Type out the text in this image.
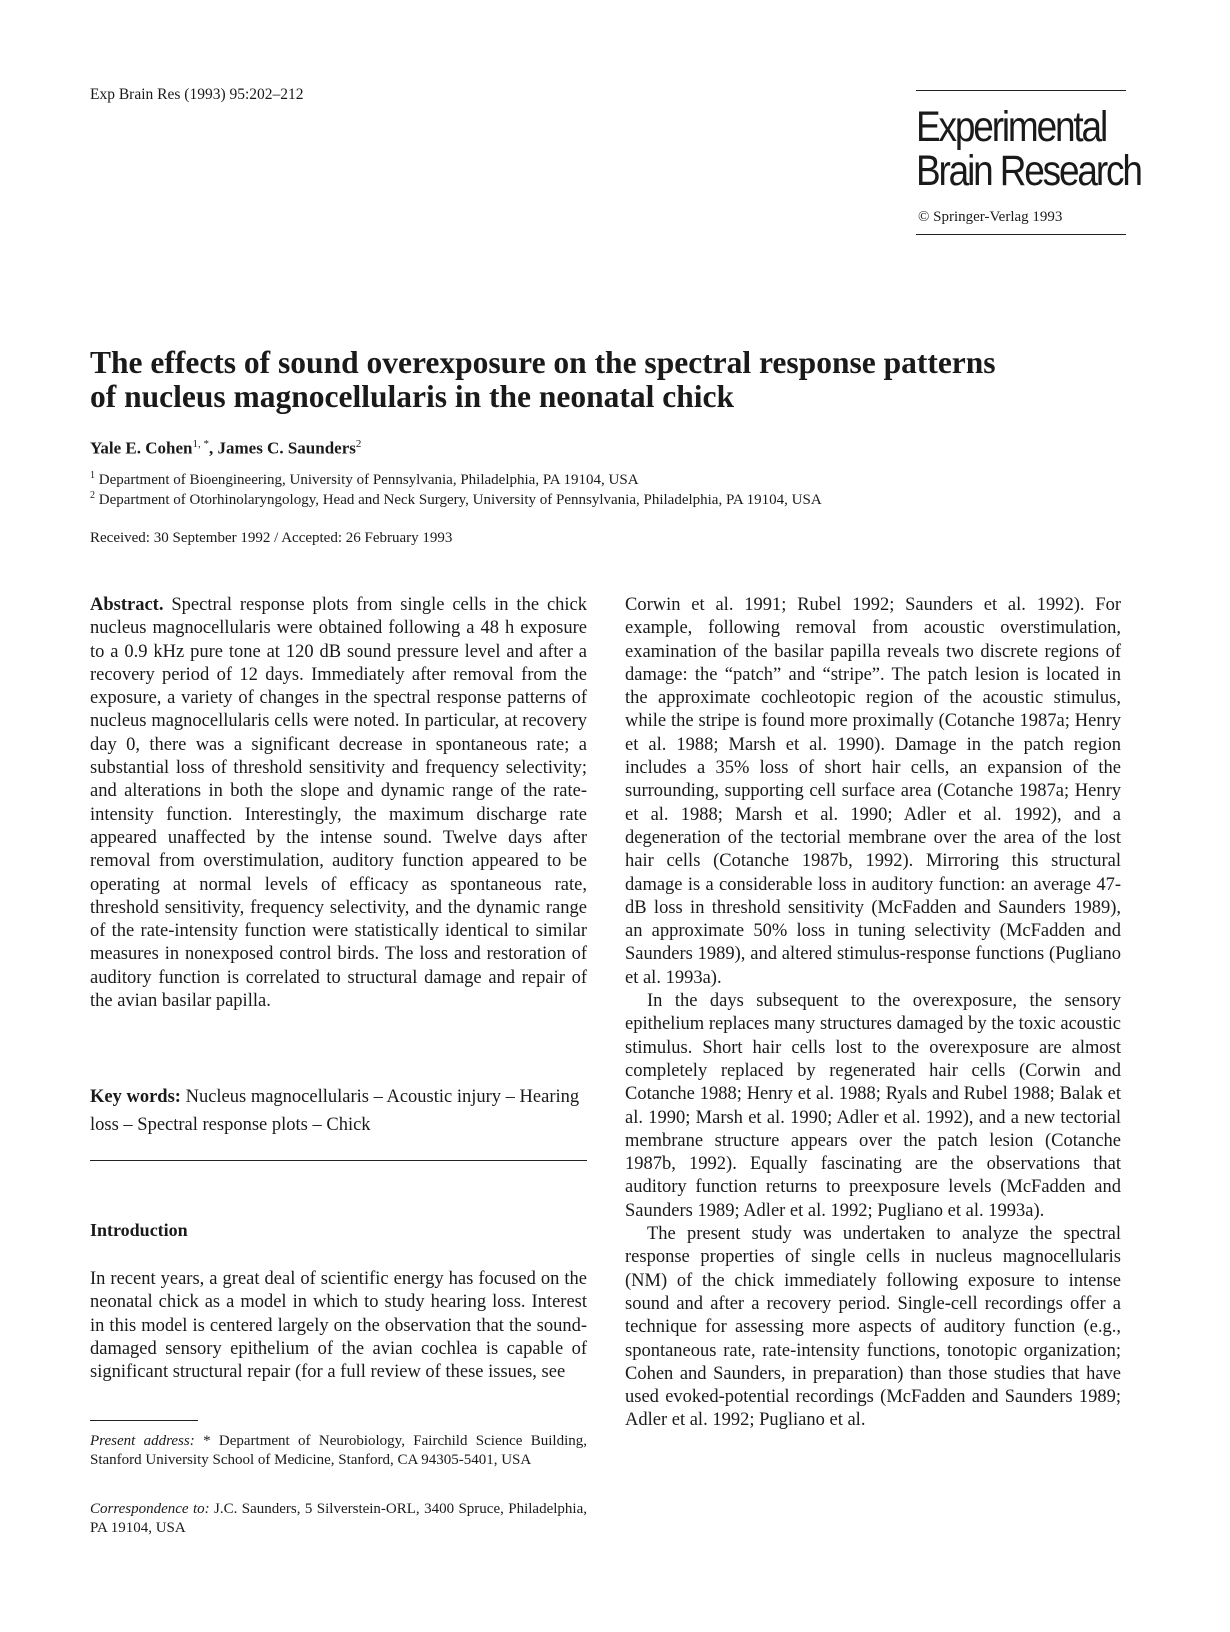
Exp Brain Res (1993) 95:202–212
Experimental
Brain Research
© Springer-Verlag 1993
The effects of sound overexposure on the spectral response patterns
of nucleus magnocellularis in the neonatal chick
Yale E. Cohen$^{1, *}$, James C. Saunders$^2$
$^1$ Department of Bioengineering, University of Pennsylvania, Philadelphia, PA 19104, USA
$^2$ Department of Otorhinolaryngology, Head and Neck Surgery, University of Pennsylvania, Philadelphia, PA 19104, USA
Received: 30 September 1992 / Accepted: 26 February 1993

Abstract. Spectral response plots from single cells in the chick nucleus magnocellularis were obtained following a 48 h exposure to a 0.9 kHz pure tone at 120 dB sound pressure level and after a recovery period of 12 days. Immediately after removal from the exposure, a variety of changes in the spectral response patterns of nucleus magnocellularis cells were noted. In particular, at recovery day 0, there was a significant decrease in spontaneous rate; a substantial loss of threshold sensitivity and frequency selectivity; and alterations in both the slope and dynamic range of the rate-intensity function. Interestingly, the maximum discharge rate appeared unaffected by the intense sound. Twelve days after removal from overstimulation, auditory function appeared to be operating at normal levels of efficacy as spontaneous rate, threshold sensitivity, frequency selectivity, and the dynamic range of the rate-intensity function were statistically identical to similar measures in nonexposed control birds. The loss and restoration of auditory function is correlated to structural damage and repair of the avian basilar papilla.

Key words: Nucleus magnocellularis – Acoustic injury – Hearing loss – Spectral response plots – Chick
Introduction
In recent years, a great deal of scientific energy has focused on the neonatal chick as a model in which to study hearing loss. Interest in this model is centered largely on the observation that the sound-damaged sensory epithelium of the avian cochlea is capable of significant structural repair (for a full review of these issues, see
Present address: * Department of Neurobiology, Fairchild Science Building, Stanford University School of Medicine, Stanford, CA 94305-5401, USA
Correspondence to: J.C. Saunders, 5 Silverstein-ORL, 3400 Spruce, Philadelphia, PA 19104, USA

Corwin et al. 1991; Rubel 1992; Saunders et al. 1992). For example, following removal from acoustic overstimulation, examination of the basilar papilla reveals two discrete regions of damage: the “patch” and “stripe”. The patch lesion is located in the approximate cochleotopic region of the acoustic stimulus, while the stripe is found more proximally (Cotanche 1987a; Henry et al. 1988; Marsh et al. 1990). Damage in the patch region includes a 35% loss of short hair cells, an expansion of the surrounding, supporting cell surface area (Cotanche 1987a; Henry et al. 1988; Marsh et al. 1990; Adler et al. 1992), and a degeneration of the tectorial membrane over the area of the lost hair cells (Cotanche 1987b, 1992). Mirroring this structural damage is a considerable loss in auditory function: an average 47-dB loss in threshold sensitivity (McFadden and Saunders 1989), an approximate 50% loss in tuning selectivity (McFadden and Saunders 1989), and altered stimulus-response functions (Pugliano et al. 1993a).

In the days subsequent to the overexposure, the sensory epithelium replaces many structures damaged by the toxic acoustic stimulus. Short hair cells lost to the overexposure are almost completely replaced by regenerated hair cells (Corwin and Cotanche 1988; Henry et al. 1988; Ryals and Rubel 1988; Balak et al. 1990; Marsh et al. 1990; Adler et al. 1992), and a new tectorial membrane structure appears over the patch lesion (Cotanche 1987b, 1992). Equally fascinating are the observations that auditory function returns to preexposure levels (McFadden and Saunders 1989; Adler et al. 1992; Pugliano et al. 1993a).

The present study was undertaken to analyze the spectral response properties of single cells in nucleus magnocellularis (NM) of the chick immediately following exposure to intense sound and after a recovery period. Single-cell recordings offer a technique for assessing more aspects of auditory function (e.g., spontaneous rate, rate-intensity functions, tonotopic organization; Cohen and Saunders, in preparation) than those studies that have used evoked-potential recordings (McFadden and Saunders 1989; Adler et al. 1992; Pugliano et al.
